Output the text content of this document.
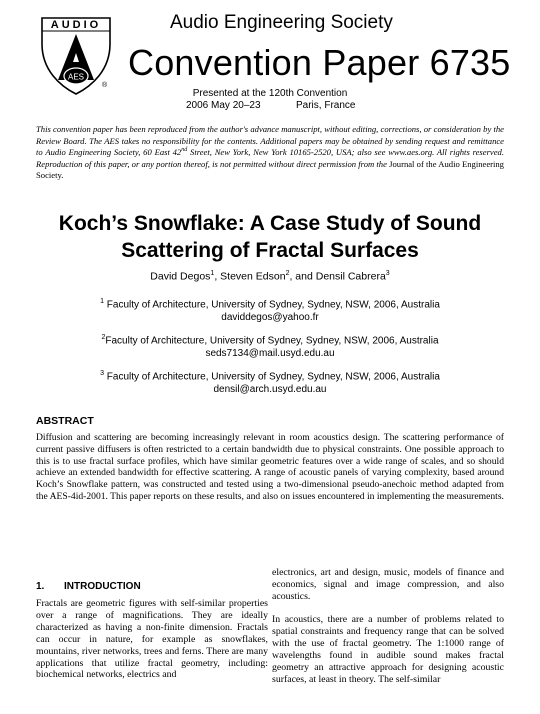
AUDIO
AES
®
Audio Engineering Society
Convention Paper 6735
Presented at the 120th Convention
2006 May 20–23	Paris, France
This convention paper has been reproduced from the author's advance manuscript, without editing, corrections, or consideration by the Review Board. The AES takes no responsibility for the contents. Additional papers may be obtained by sending request and remittance to Audio Engineering Society, 60 East 42nd Street, New York, New York 10165-2520, USA; also see www.aes.org. All rights reserved. Reproduction of this paper, or any portion thereof, is not permitted without direct permission from the Journal of the Audio Engineering Society.
Koch’s Snowflake: A Case Study of Sound
Scattering of Fractal Surfaces
David Degos$^1$, Steven Edson$^2$, and Densil Cabrera$^3$
$^1$ Faculty of Architecture, University of Sydney, Sydney, NSW, 2006, Australia
daviddegos@yahoo.fr
$^2$Faculty of Architecture, University of Sydney, Sydney, NSW, 2006, Australia
seds7134@mail.usyd.edu.au
$^3$ Faculty of Architecture, University of Sydney, Sydney, NSW, 2006, Australia
densil@arch.usyd.edu.au
ABSTRACT
Diffusion and scattering are becoming increasingly relevant in room acoustics design. The scattering performance of current passive diffusers is often restricted to a certain bandwidth due to physical constraints. One possible approach to this is to use fractal surface profiles, which have similar geometric features over a wide range of scales, and so should achieve an extended bandwidth for effective scattering. A range of acoustic panels of varying complexity, based around Koch’s Snowflake pattern, was constructed and tested using a two-dimensional pseudo-anechoic method adapted from the AES-4id-2001. This paper reports on these results, and also on issues encountered in implementing the measurements.
1. INTRODUCTION
Fractals are geometric figures with self-similar properties over a range of magnifications. They are ideally characterized as having a non-finite dimension. Fractals can occur in nature, for example as snowflakes, mountains, river networks, trees and ferns. There are many applications that utilize fractal geometry, including: biochemical networks, electrics and
electronics, art and design, music, models of finance and economics, signal and image compression, and also acoustics.
In acoustics, there are a number of problems related to spatial constraints and frequency range that can be solved with the use of fractal geometry. The 1:1000 range of wavelengths found in audible sound makes fractal geometry an attractive approach for designing acoustic surfaces, at least in theory. The self-similar
